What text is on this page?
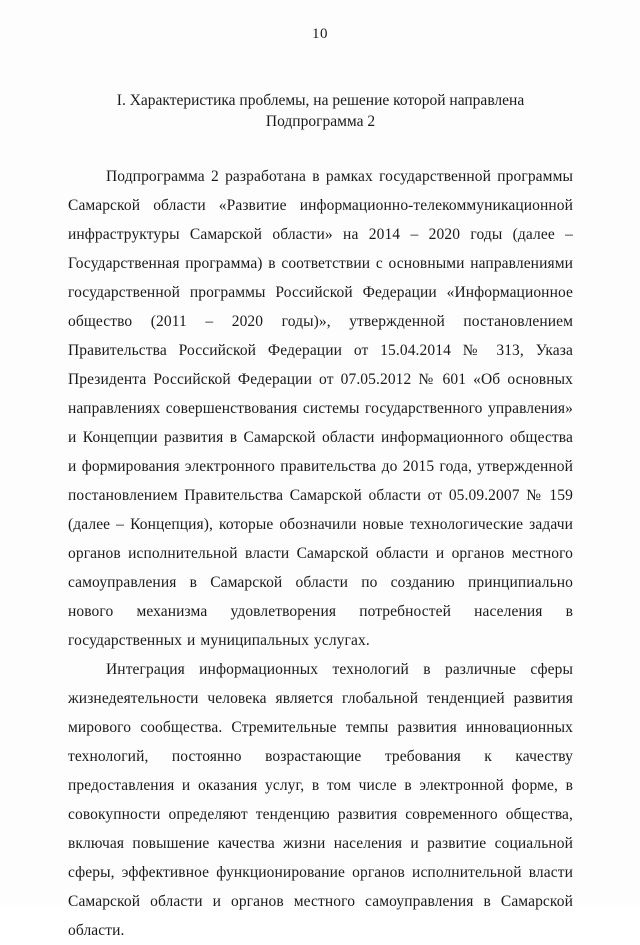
10
I. Характеристика проблемы, на решение которой направлена
Подпрограмма 2

Подпрограмма 2 разработана в рамках государственной программы Самарской области «Развитие информационно-телекоммуникационной инфраструктуры Самарской области» на 2014 – 2020 годы (далее – Государственная программа) в соответствии с основными направлениями государственной программы Российской Федерации «Информационное общество (2011 – 2020 годы)», утвержденной постановлением Правительства Российской Федерации от 15.04.2014 № 313, Указа Президента Российской Федерации от 07.05.2012 № 601 «Об основных направлениях совершенствования системы государственного управления» и Концепции развития в Самарской области информационного общества и формирования электронного правительства до 2015 года, утвержденной постановлением Правительства Самарской области от 05.09.2007 № 159 (далее – Концепция), которые обозначили новые технологические задачи органов исполнительной власти Самарской области и органов местного самоуправления в Самарской области по созданию принципиально нового механизма удовлетворения потребностей населения в государственных и муниципальных услугах.

Интеграция информационных технологий в различные сферы жизнедеятельности человека является глобальной тенденцией развития мирового сообщества. Стремительные темпы развития инновационных технологий, постоянно возрастающие требования к качеству предоставления и оказания услуг, в том числе в электронной форме, в совокупности определяют тенденцию развития современного общества, включая повышение качества жизни населения и развитие социальной сферы, эффективное функционирование органов исполнительной власти Самарской области и органов местного самоуправления в Самарской области.
